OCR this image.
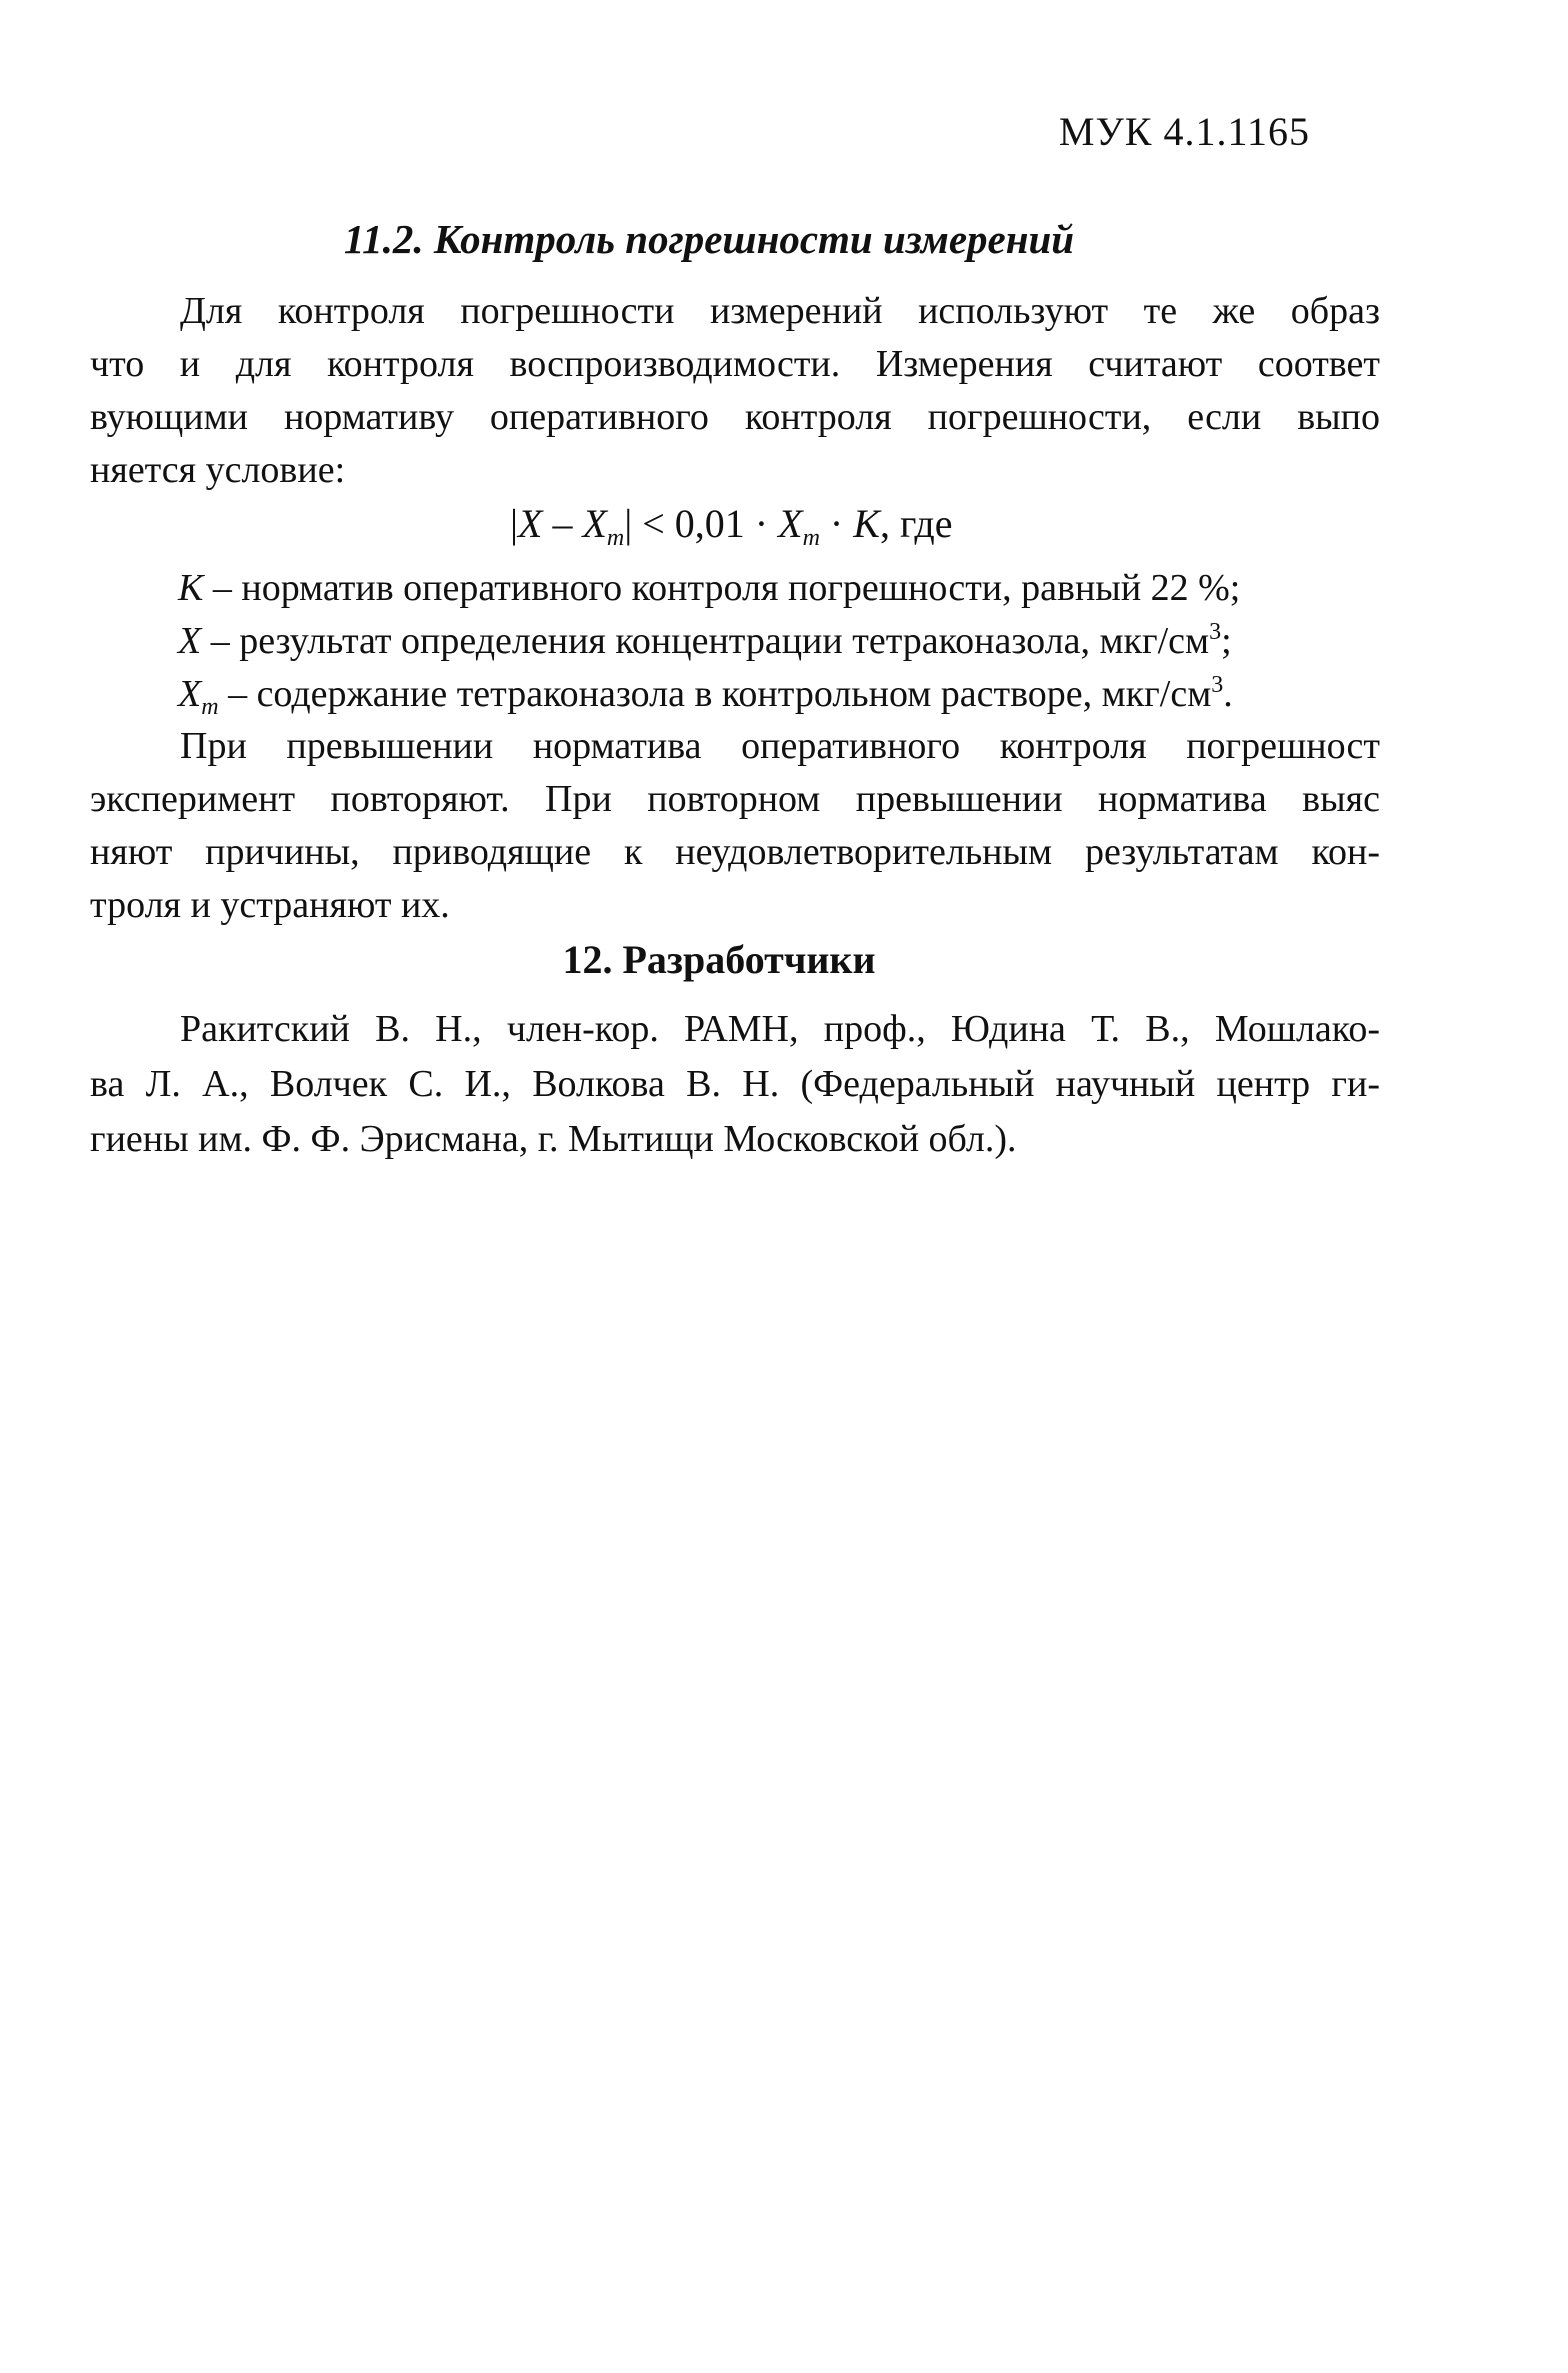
МУК 4.1.1165
11.2. Контроль погрешности измерений
Для контроля погрешности измерений используют те же образ
что и для контроля воспроизводимости. Измерения считают соответ
вующими нормативу оперативного контроля погрешности, если выпо
няется условие:
$|X - X_m| < 0,01 \cdot X_m \cdot K$, где
K – норматив оперативного контроля погрешности, равный 22 %;
X – результат определения концентрации тетраконазола, мкг/$см^3$;
$X_m$ – содержание тетраконазола в контрольном растворе, мкг/$см^3$.
При превышении норматива оперативного контроля погрешност
эксперимент повторяют. При повторном превышении норматива выяс
няют причины, приводящие к неудовлетворительным результатам кон-
троля и устраняют их.
12. Разработчики
Ракитский В. Н., член-кор. РАМН, проф., Юдина Т. В., Мошлако-
ва Л. А., Волчек С. И., Волкова В. Н. (Федеральный научный центр ги-
гиены им. Ф. Ф. Эрисмана, г. Мытищи Московской обл.).
